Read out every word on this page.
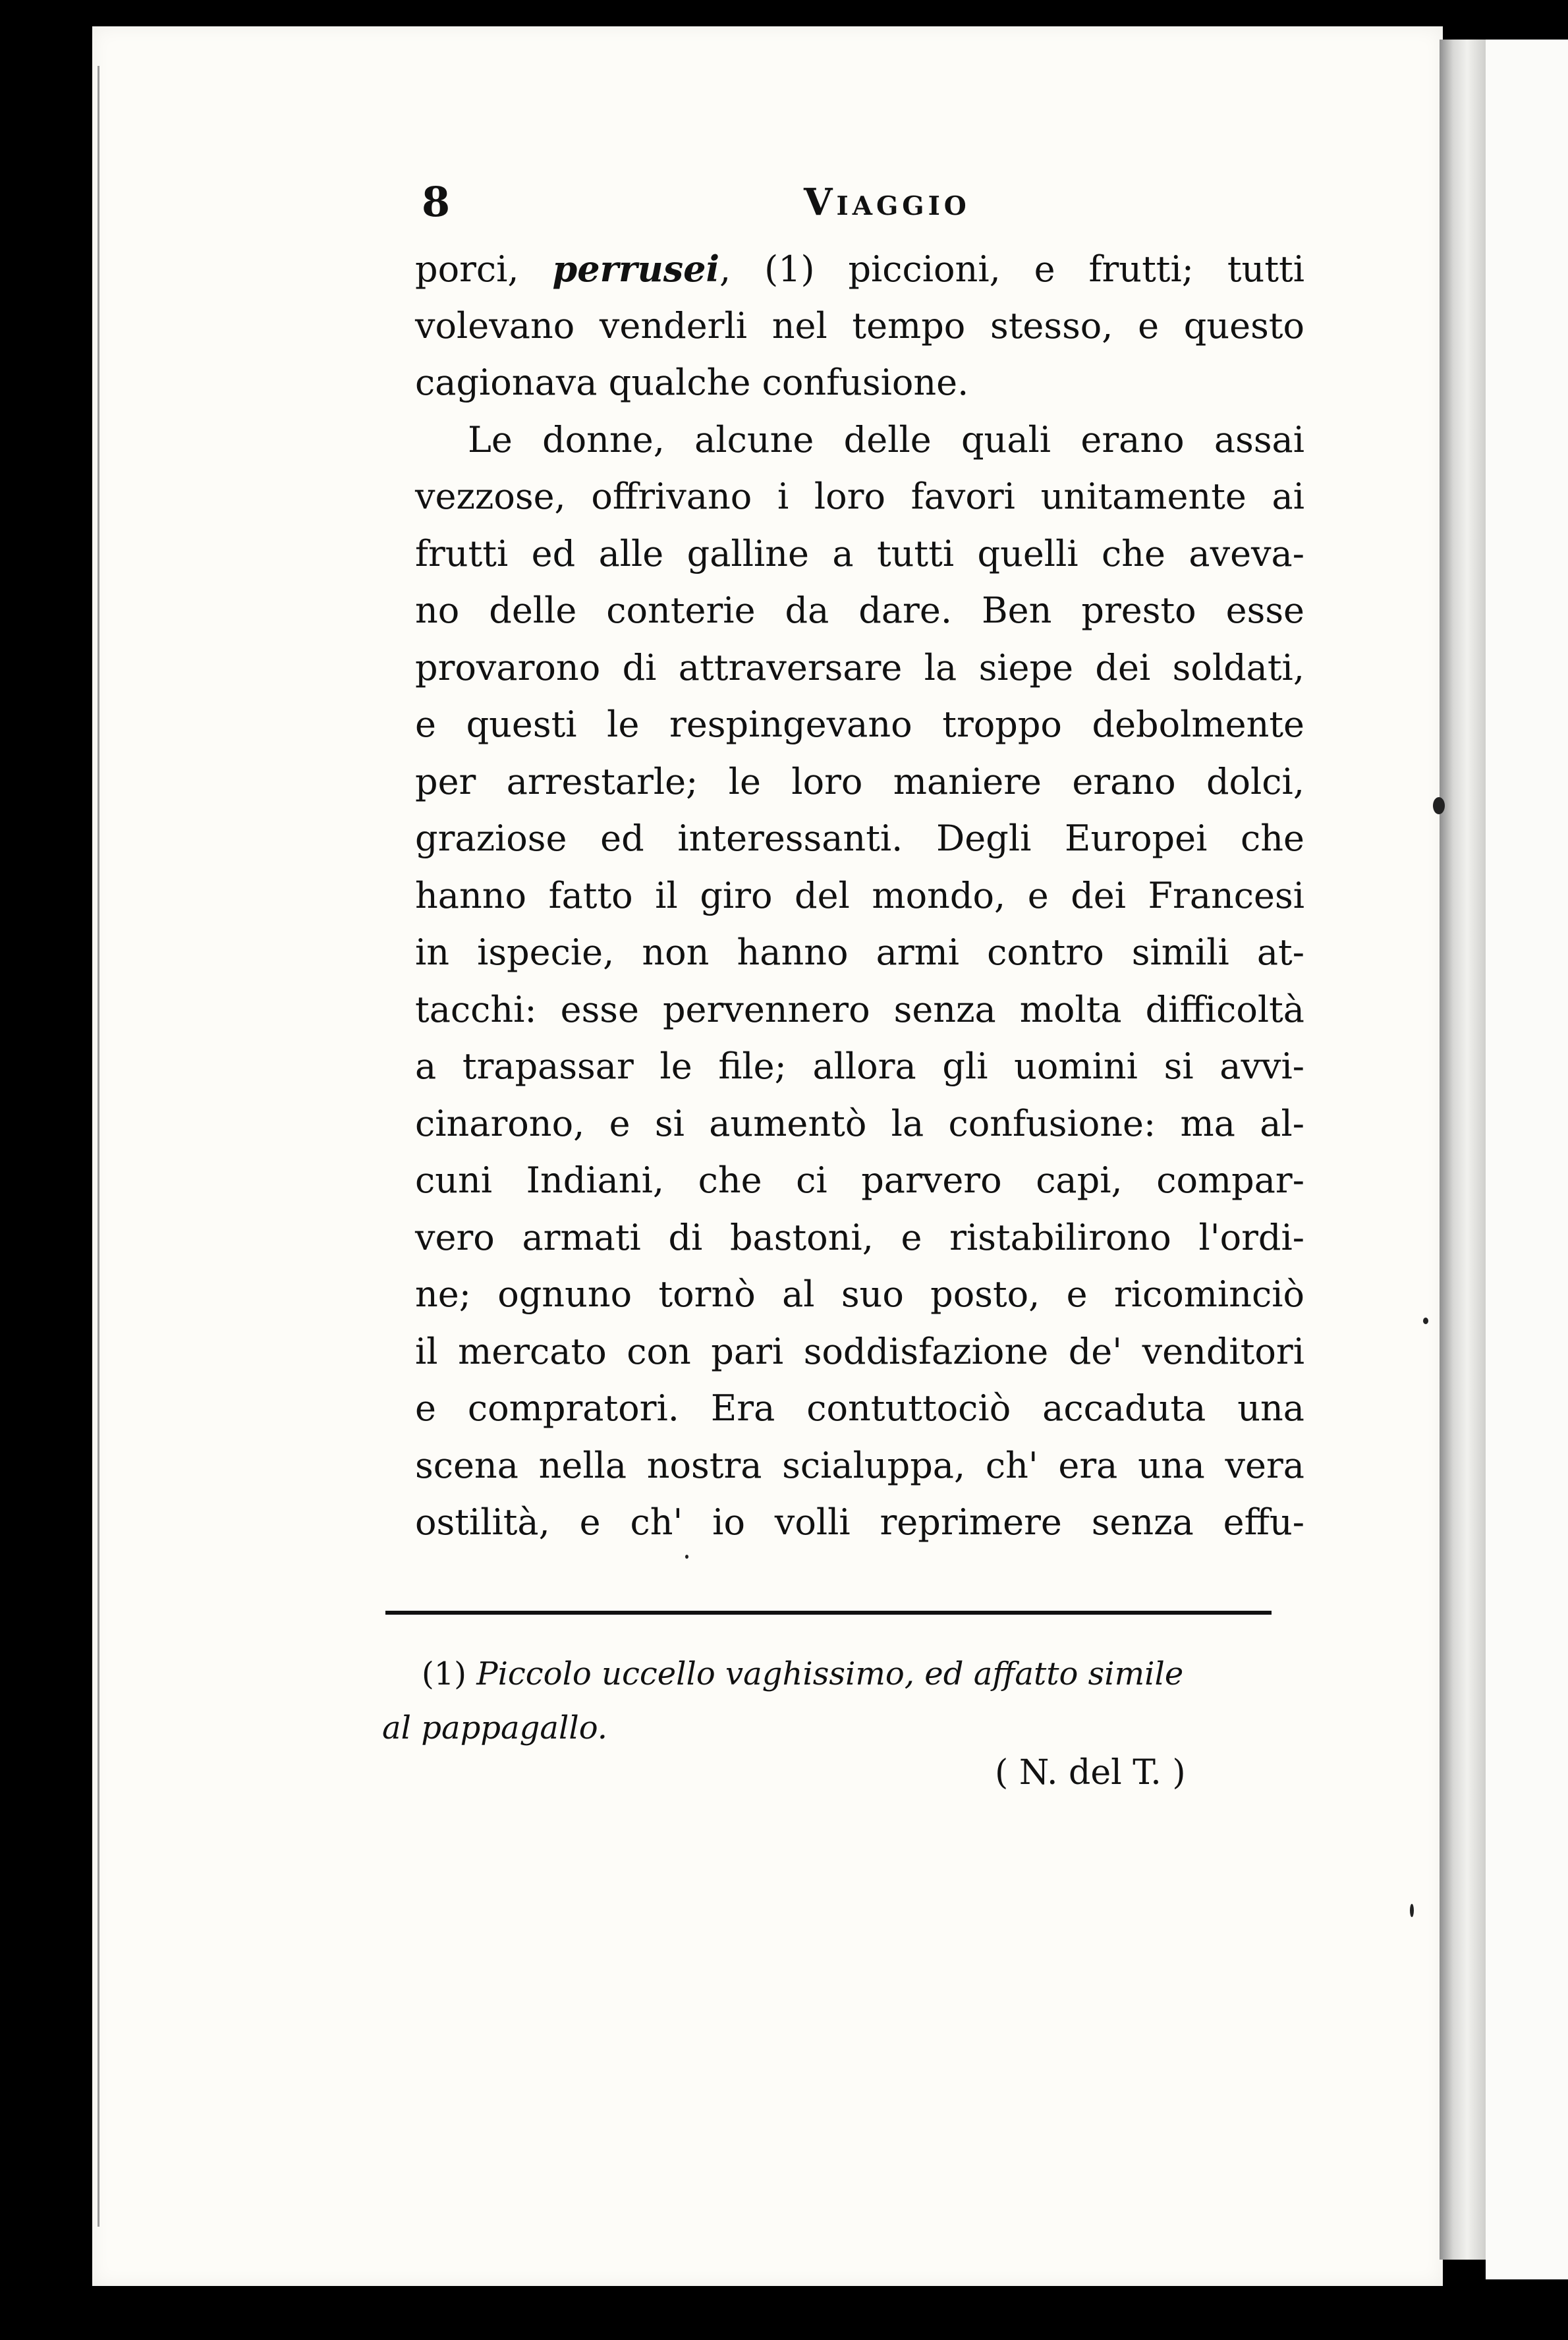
8	Viaggio
porci, perrusei, (1) piccioni, e frutti; tutti
volevano venderli nel tempo stesso, e questo
cagionava qualche confusione.
Le donne, alcune delle quali erano assai
vezzose, offrivano i loro favori unitamente ai
frutti ed alle galline a tutti quelli che aveva-
no delle conterie da dare. Ben presto esse
provarono di attraversare la siepe dei soldati,
e questi le respingevano troppo debolmente
per arrestarle; le loro maniere erano dolci,
graziose ed interessanti. Degli Europei che
hanno fatto il giro del mondo, e dei Francesi
in ispecie, non hanno armi contro simili at-
tacchi: esse pervennero senza molta difficoltà
a trapassar le file; allora gli uomini si avvi-
cinarono, e si aumentò la confusione: ma al-
cuni Indiani, che ci parvero capi, compar-
vero armati di bastoni, e ristabilirono l'ordi-
ne; ognuno tornò al suo posto, e ricominciò
il mercato con pari soddisfazione de' venditori
e compratori. Era contuttociò accaduta una
scena nella nostra scialuppa, ch' era una vera
ostilità, e ch' io volli reprimere senza effu-
(1) Piccolo uccello vaghissimo, ed affatto simile
al pappagallo.
( N. del T. )
